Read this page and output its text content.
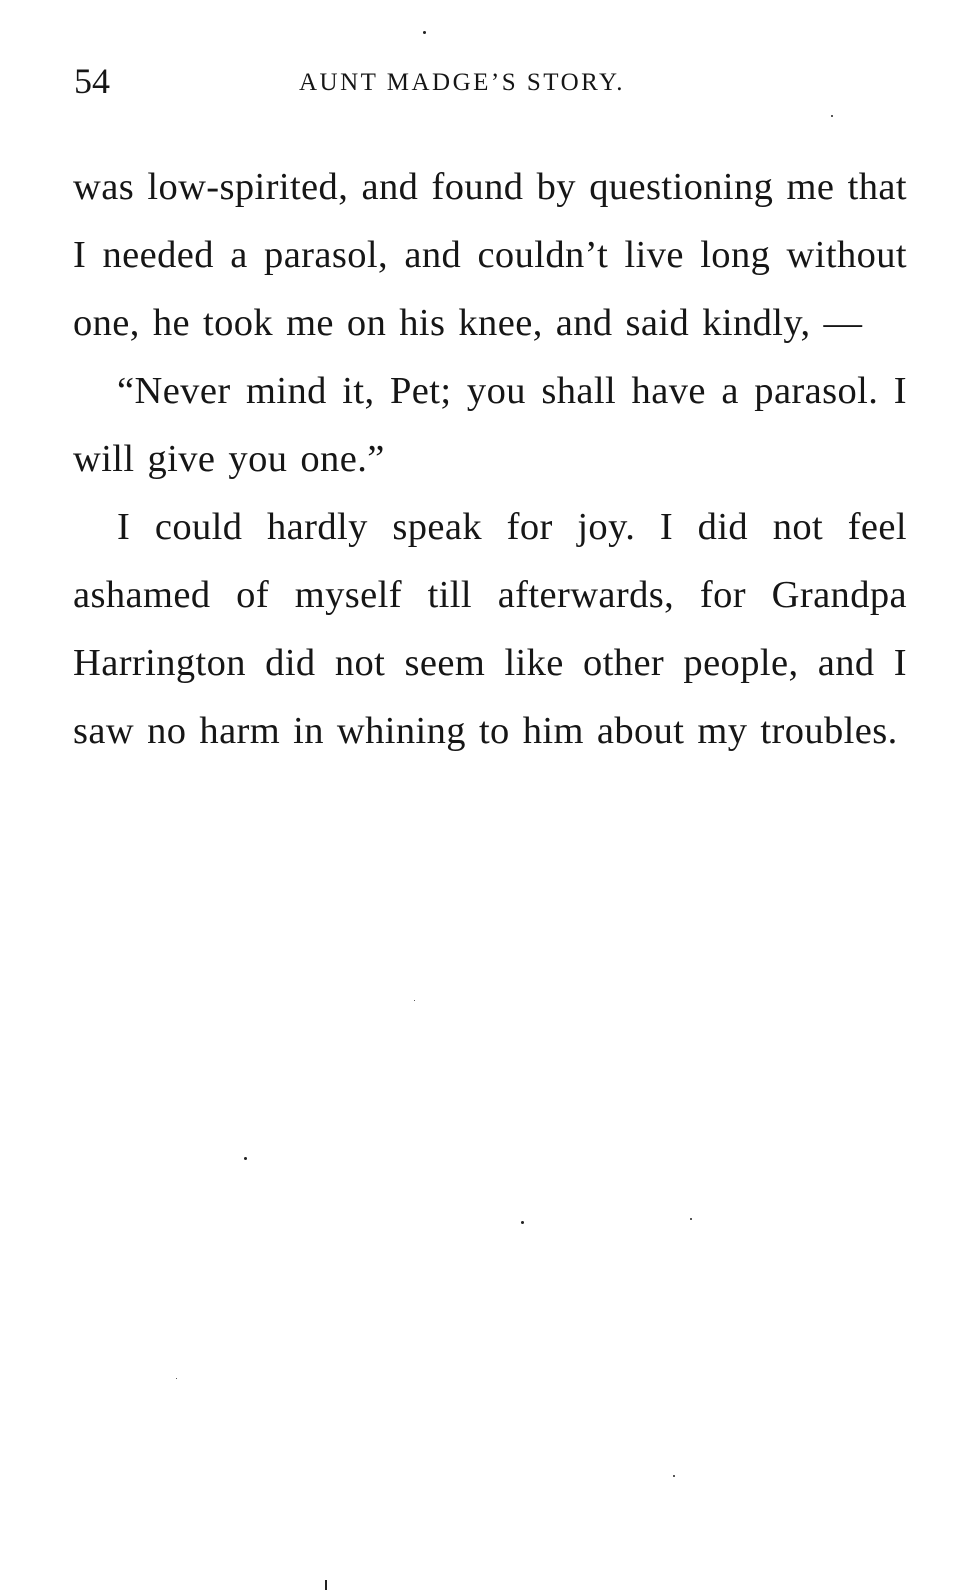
54	AUNT MADGE’S STORY.

was low-spirited, and found by questioning me that I needed a parasol, and couldn’t live long without one, he took me on his knee, and said kindly, —

“Never mind it, Pet; you shall have a parasol. I will give you one.”

I could hardly speak for joy. I did not feel ashamed of myself till afterwards, for Grandpa Harrington did not seem like other people, and I saw no harm in whining to him about my troubles.
